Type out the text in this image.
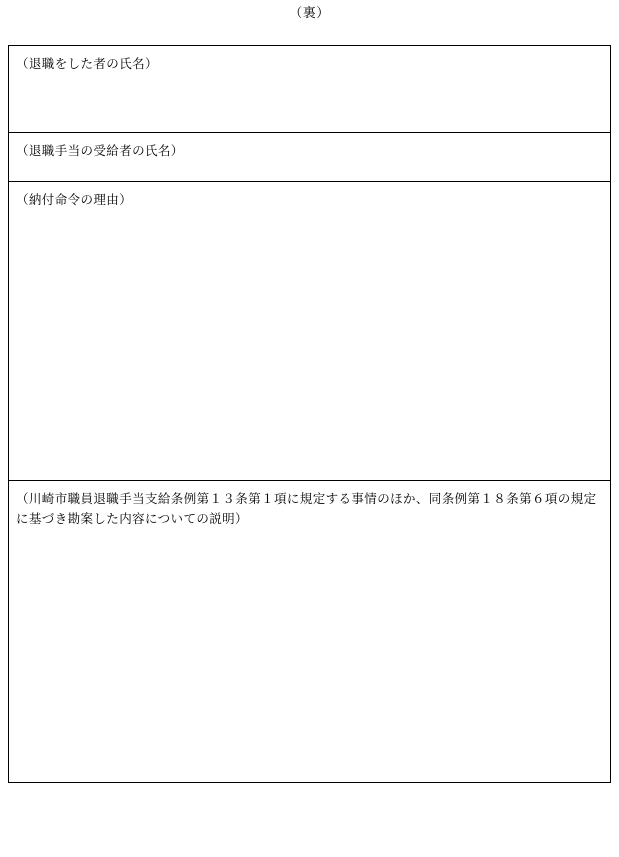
（裏）
（退職をした者の氏名）

（退職手当の受給者の氏名）

（納付命令の理由）

（川崎市職員退職手当支給条例第１３条第１項に規定する事情のほか、同条例第１８条第６項の規定に基づき勘案した内容についての説明）
